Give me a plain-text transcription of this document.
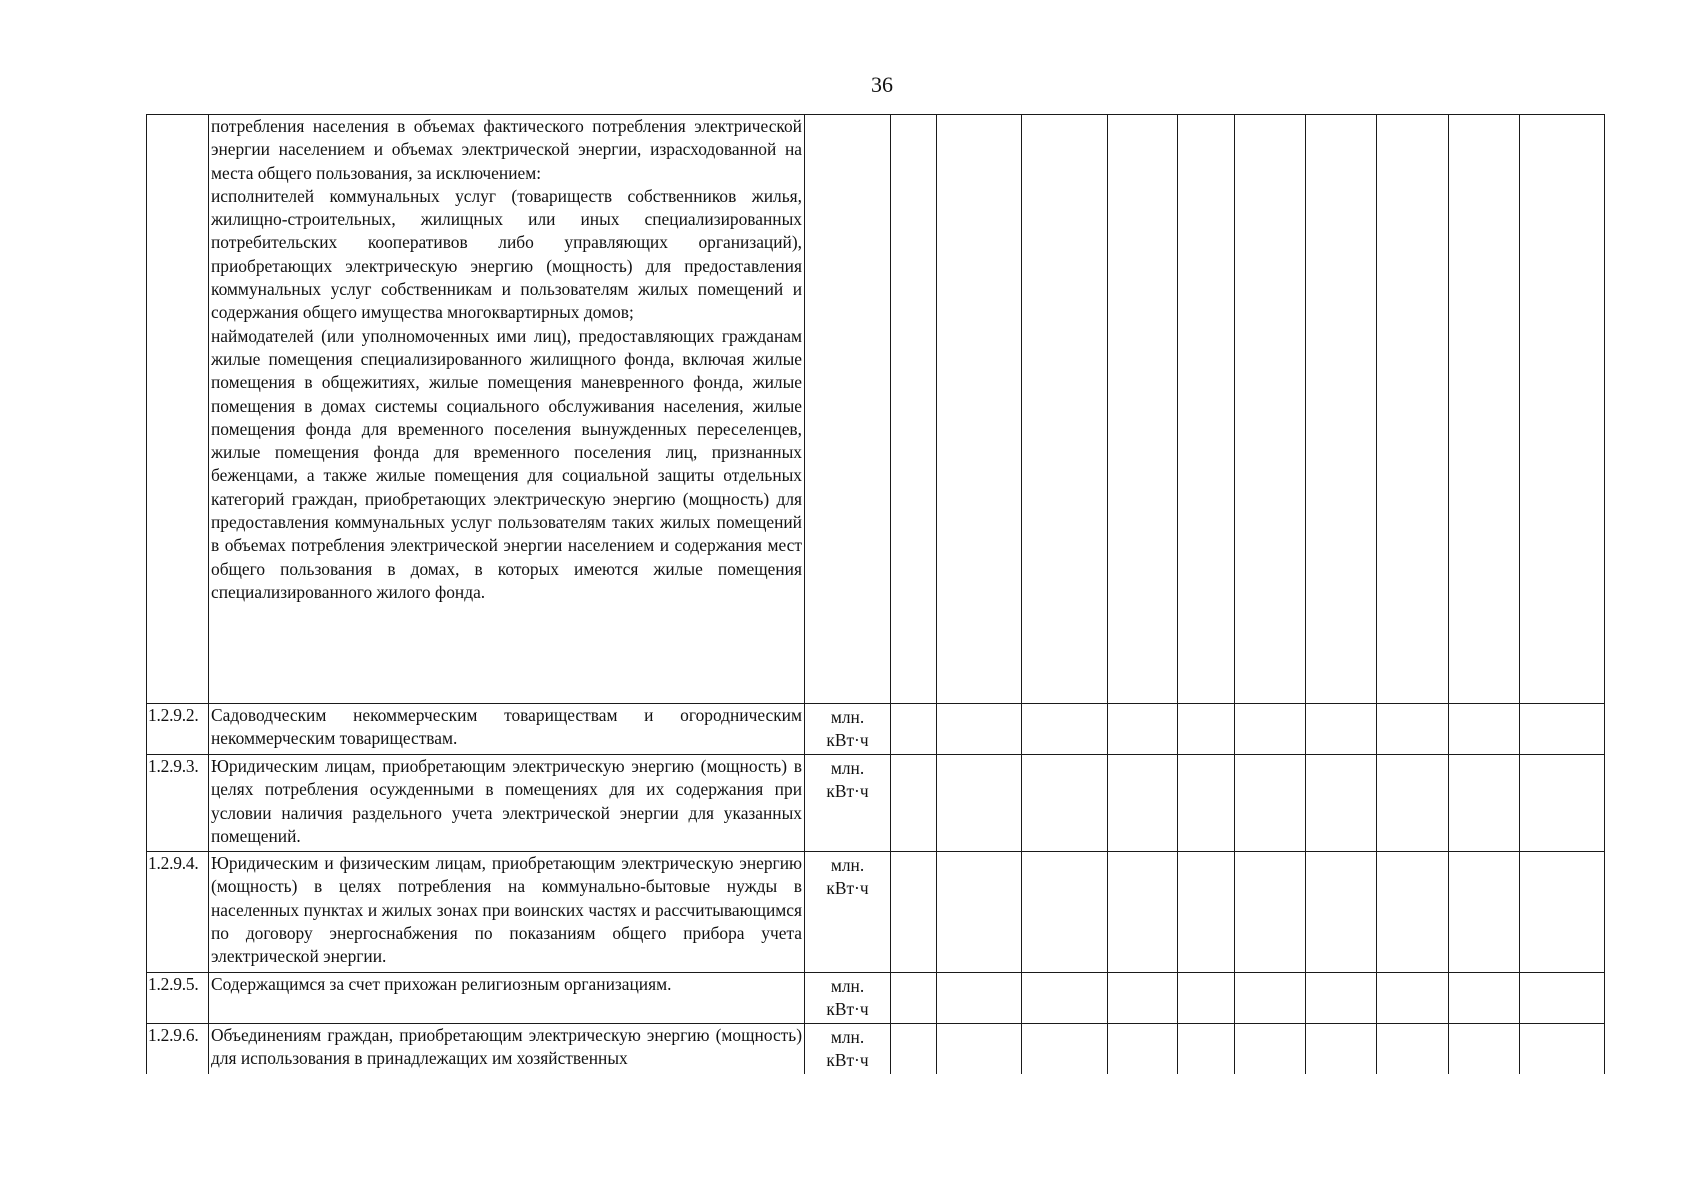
36

	потребления населения в объемах фактического потребления электрической энергии населением и объемах электрической энергии, израсходованной на места общего пользования, за исключением:

исполнителей коммунальных услуг (товариществ собственников жилья, жилищно-строительных, жилищных или иных специализированных потребительских кооперативов либо управляющих организаций), приобретающих электрическую энергию (мощность) для предоставления коммунальных услуг собственникам и пользователям жилых помещений и содержания общего имущества многоквартирных домов;

наймодателей (или уполномоченных ими лиц), предоставляющих гражданам жилые помещения специализированного жилищного фонда, включая жилые помещения в общежитиях, жилые помещения маневренного фонда, жилые помещения в домах системы социального обслуживания населения, жилые помещения фонда для временного поселения вынужденных переселенцев, жилые помещения фонда для временного поселения лиц, признанных беженцами, а также жилые помещения для социальной защиты отдельных категорий граждан, приобретающих электрическую энергию (мощность) для предоставления коммунальных услуг пользователям таких жилых помещений в объемах потребления электрической энергии населением и содержания мест общего пользования в домах, в которых имеются жилые помещения специализированного жилого фонда.											

1.2.9.2.	Садоводческим некоммерческим товариществам и огородническим некоммерческим товариществам.	млн.
кВт·ч										

1.2.9.3.	Юридическим лицам, приобретающим электрическую энергию (мощность) в целях потребления осужденными в помещениях для их содержания при условии наличия раздельного учета электрической энергии для указанных помещений.	млн.
кВт·ч										

1.2.9.4.	Юридическим и физическим лицам, приобретающим электрическую энергию (мощность) в целях потребления на коммунально-бытовые нужды в населенных пунктах и жилых зонах при воинских частях и рассчитывающимся по договору энергоснабжения по показаниям общего прибора учета электрической энергии.	млн.
кВт·ч										

1.2.9.5.	Содержащимся за счет прихожан религиозным организациям.	млн.
кВт·ч										

1.2.9.6.	Объединениям граждан, приобретающим электрическую энергию (мощность) для использования в принадлежащих им хозяйственных	млн.
кВт·ч										
